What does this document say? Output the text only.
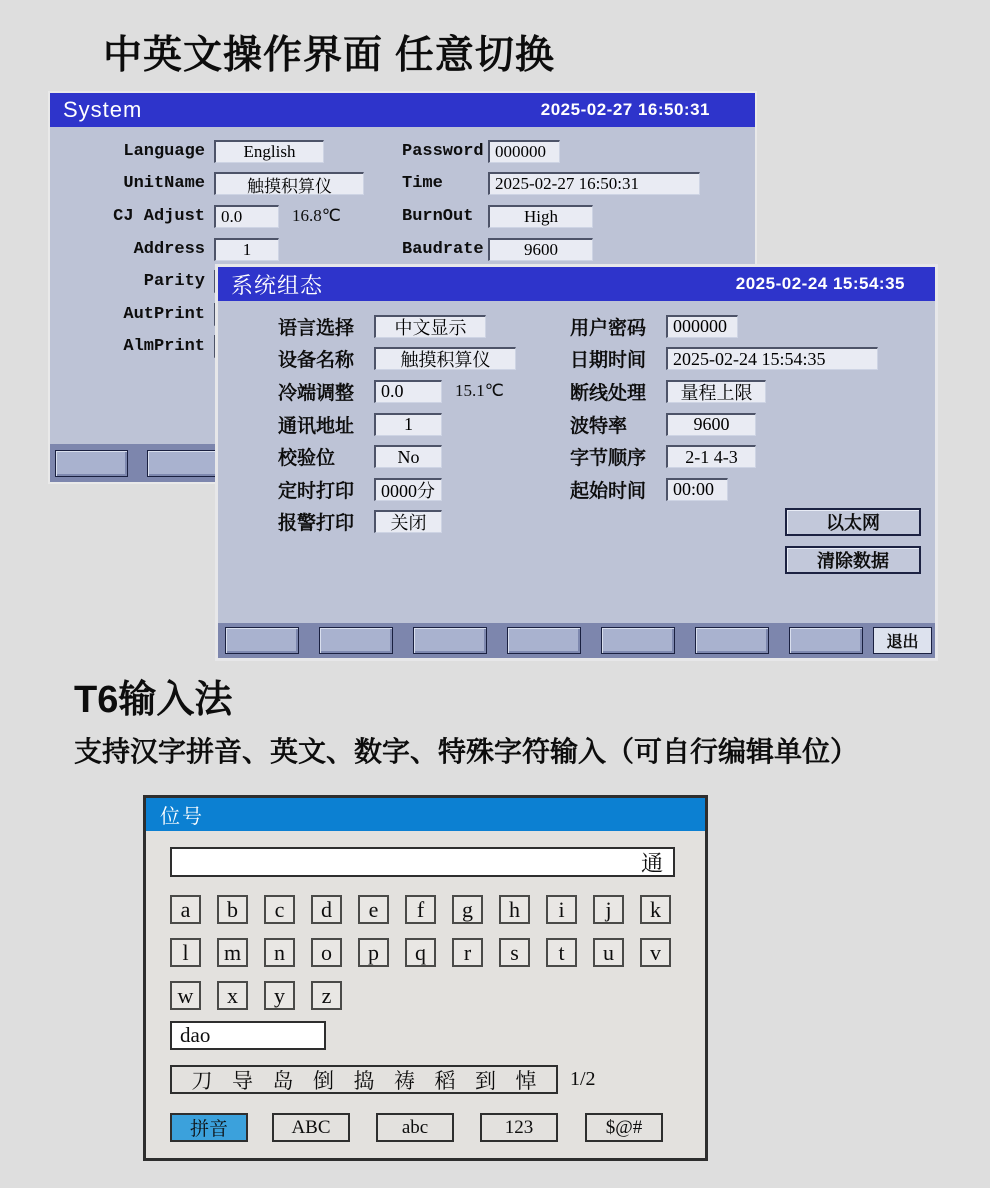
中英文操作界面 任意切换
System	2025-02-27 16:50:31
Language	English
UnitName	触摸积算仪
CJ Adjust 0.0	16.8℃
Address	1
Parity
AutPrint
AlmPrint
Password 000000
Time	2025-02-27 16:50:31
BurnOut	High
Baudrate	9600
系统组态	2025-02-24 15:54:35
语言选择	中文显示
设备名称	触摸积算仪
冷端调整	0.0	15.1℃
通讯地址	1
校验位	No
定时打印	0000分
报警打印	关闭
用户密码	000000
日期时间	2025-02-24 15:54:35
断线处理	量程上限
波特率	9600
字节顺序	2-1 4-3
起始时间	00:00
以太网
清除数据
退出
T6输入法
支持汉字拼音、英文、数字、特殊字符输入（可自行编辑单位）
位号
通
a	b	c	d	e	f	g	h	i	j	k
l	m	n	o	p	q	r	s	t	u	v
w	x	y	z
dao
刀 导 岛 倒 捣 祷 稻 到 悼 1/2
拼音	ABC	abc	123	$@#
